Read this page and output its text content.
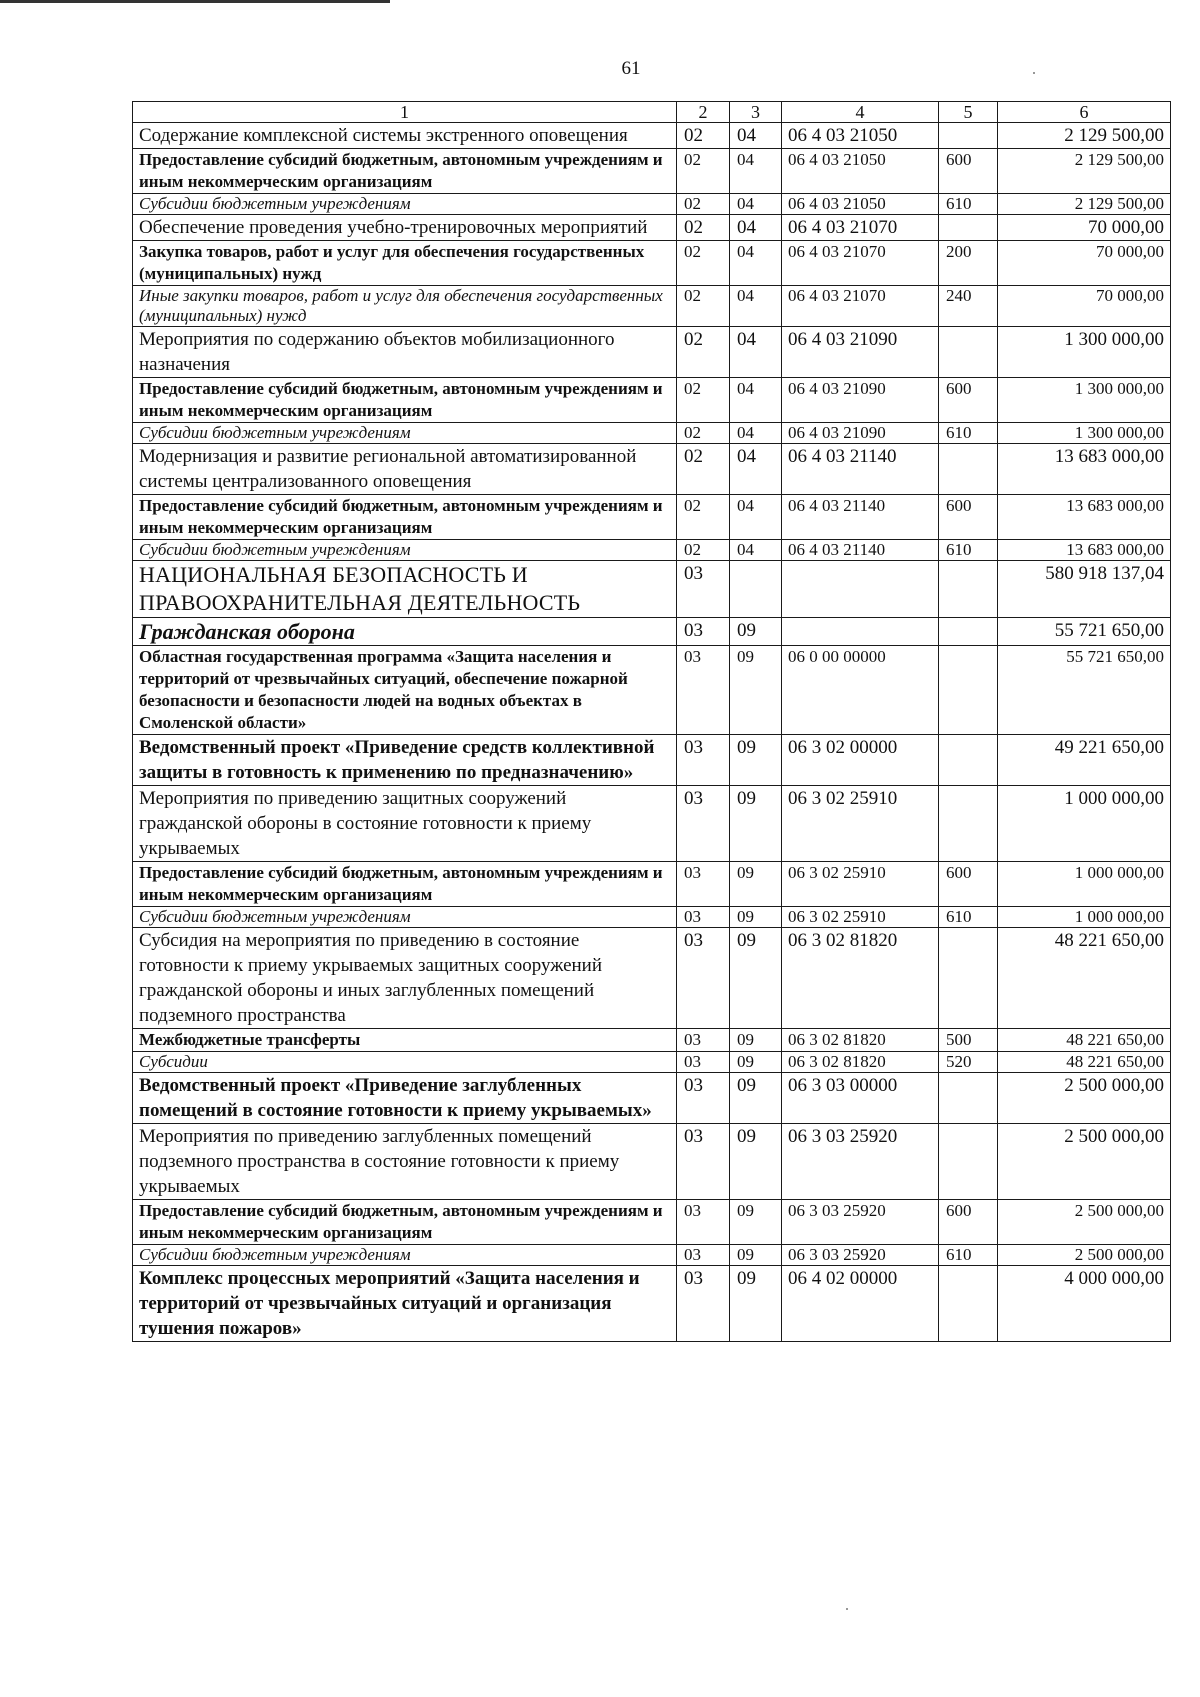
61
1	2	3	4	5	6
Содержание комплексной системы экстренного оповещения	02	04	06 4 03 21050		2 129 500,00
Предоставление субсидий бюджетным, автономным учреждениям и иным некоммерческим организациям	02	04	06 4 03 21050	600	2 129 500,00
Субсидии бюджетным учреждениям	02	04	06 4 03 21050	610	2 129 500,00
Обеспечение проведения учебно-тренировочных мероприятий	02	04	06 4 03 21070		70 000,00
Закупка товаров, работ и услуг для обеспечения государственных (муниципальных) нужд	02	04	06 4 03 21070	200	70 000,00
Иные закупки товаров, работ и услуг для обеспечения государственных (муниципальных) нужд	02	04	06 4 03 21070	240	70 000,00
Мероприятия по содержанию объектов мобилизационного назначения	02	04	06 4 03 21090		1 300 000,00
Предоставление субсидий бюджетным, автономным учреждениям и иным некоммерческим организациям	02	04	06 4 03 21090	600	1 300 000,00
Субсидии бюджетным учреждениям	02	04	06 4 03 21090	610	1 300 000,00
Модернизация и развитие региональной автоматизированной системы централизованного оповещения	02	04	06 4 03 21140		13 683 000,00
Предоставление субсидий бюджетным, автономным учреждениям и иным некоммерческим организациям	02	04	06 4 03 21140	600	13 683 000,00
Субсидии бюджетным учреждениям	02	04	06 4 03 21140	610	13 683 000,00
НАЦИОНАЛЬНАЯ БЕЗОПАСНОСТЬ И ПРАВООХРАНИТЕЛЬНАЯ ДЕЯТЕЛЬНОСТЬ	03				580 918 137,04
Гражданская оборона	03	09			55 721 650,00
Областная государственная программа «Защита населения и территорий от чрезвычайных ситуаций, обеспечение пожарной безопасности и безопасности людей на водных объектах в Смоленской области»	03	09	06 0 00 00000		55 721 650,00
Ведомственный проект «Приведение средств коллективной защиты в готовность к применению по предназначению»	03	09	06 3 02 00000		49 221 650,00
Мероприятия по приведению защитных сооружений гражданской обороны в состояние готовности к приему укрываемых	03	09	06 3 02 25910		1 000 000,00
Предоставление субсидий бюджетным, автономным учреждениям и иным некоммерческим организациям	03	09	06 3 02 25910	600	1 000 000,00
Субсидии бюджетным учреждениям	03	09	06 3 02 25910	610	1 000 000,00
Субсидия на мероприятия по приведению в состояние готовности к приему укрываемых защитных сооружений гражданской обороны и иных заглубленных помещений подземного пространства	03	09	06 3 02 81820		48 221 650,00
Межбюджетные трансферты	03	09	06 3 02 81820	500	48 221 650,00
Субсидии	03	09	06 3 02 81820	520	48 221 650,00
Ведомственный проект «Приведение заглубленных помещений в состояние готовности к приему укрываемых»	03	09	06 3 03 00000		2 500 000,00
Мероприятия по приведению заглубленных помещений подземного пространства в состояние готовности к приему укрываемых	03	09	06 3 03 25920		2 500 000,00
Предоставление субсидий бюджетным, автономным учреждениям и иным некоммерческим организациям	03	09	06 3 03 25920	600	2 500 000,00
Субсидии бюджетным учреждениям	03	09	06 3 03 25920	610	2 500 000,00
Комплекс процессных мероприятий «Защита населения и территорий от чрезвычайных ситуаций и организация тушения пожаров»	03	09	06 4 02 00000		4 000 000,00
